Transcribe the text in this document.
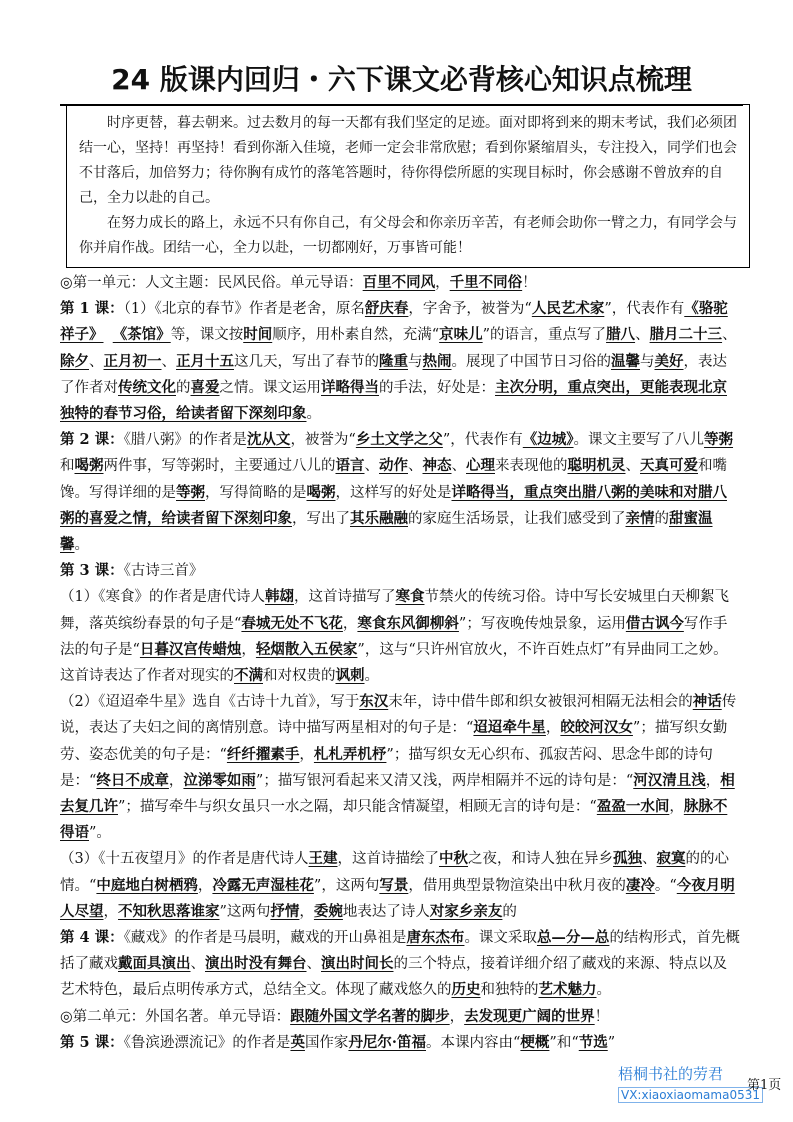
24 版课内回归・六下课文必背核心知识点梳理

时序更替，暮去朝来。过去数月的每一天都有我们坚定的足迹。面对即将到来的期末考试，我们必须团结一心，坚持！再坚持！看到你渐入佳境，老师一定会非常欣慰；看到你紧缩眉头，专注投入，同学们也会不甘落后，加倍努力；待你胸有成竹的落笔答题时，待你得偿所愿的实现目标时，你会感谢不曾放弃的自己，全力以赴的自己。

在努力成长的路上，永远不只有你自己，有父母会和你亲历辛苦，有老师会助你一臂之力，有同学会与你并肩作战。团结一心，全力以赴，一切都刚好，万事皆可能！

◎第一单元：人文主题：民风民俗。单元导语：百里不同风，千里不同俗！

第 1 课：（1）《北京的春节》作者是老舍，原名舒庆春，字舍予，被誉为“人民艺术家”，代表作有《骆驼祥子》 《茶馆》等，课文按时间顺序，用朴素自然，充满“京味儿”的语言，重点写了腊八、腊月二十三、除夕、正月初一、正月十五这几天，写出了春节的隆重与热闹。展现了中国节日习俗的温馨与美好，表达了作者对传统文化的喜爱之情。课文运用详略得当的手法，好处是：主次分明，重点突出，更能表现北京独特的春节习俗，给读者留下深刻印象。

第 2 课：《腊八粥》的作者是沈从文，被誉为“乡土文学之父”，代表作有《边城》。课文主要写了八儿等粥和喝粥两件事，写等粥时，主要通过八儿的语言、动作、神态、心理来表现他的聪明机灵、天真可爱和嘴馋。写得详细的是等粥，写得简略的是喝粥，这样写的好处是详略得当，重点突出腊八粥的美味和对腊八粥的喜爱之情，给读者留下深刻印象，写出了其乐融融的家庭生活场景，让我们感受到了亲情的甜蜜温馨。

第 3 课：《古诗三首》

（1）《寒食》的作者是唐代诗人韩翃，这首诗描写了寒食节禁火的传统习俗。诗中写长安城里白天柳絮飞舞，落英缤纷春景的句子是“春城无处不飞花，寒食东风御柳斜”；写夜晚传烛景象，运用借古讽今写作手法的句子是“日暮汉宫传蜡烛，轻烟散入五侯家”，这与“只许州官放火，不许百姓点灯”有异曲同工之妙。这首诗表达了作者对现实的不满和对权贵的讽刺。

（2）《迢迢牵牛星》选自《古诗十九首》，写于东汉末年，诗中借牛郎和织女被银河相隔无法相会的神话传说，表达了夫妇之间的离情别意。诗中描写两星相对的句子是：“迢迢牵牛星，皎皎河汉女”；描写织女勤劳、姿态优美的句子是：“纤纤擢素手，札札弄机杼”；描写织女无心织布、孤寂苦闷、思念牛郎的诗句是：“终日不成章，泣涕零如雨”；描写银河看起来又清又浅，两岸相隔并不远的诗句是：“河汉清且浅，相去复几许”；描写牵牛与织女虽只一水之隔，却只能含情凝望，相顾无言的诗句是：“盈盈一水间，脉脉不得语”。

（3）《十五夜望月》的作者是唐代诗人王建，这首诗描绘了中秋之夜，和诗人独在异乡孤独、寂寞的的心情。“中庭地白树栖鸦，冷露无声湿桂花”，这两句写景，借用典型景物渲染出中秋月夜的凄冷。“今夜月明人尽望，不知秋思落谁家”这两句抒情，委婉地表达了诗人对家乡亲友的

第 4 课：《藏戏》的作者是马晨明，藏戏的开山鼻祖是唐东杰布。课文采取总—分—总的结构形式，首先概括了藏戏戴面具演出、演出时没有舞台、演出时间长的三个特点，接着详细介绍了藏戏的来源、特点以及艺术特色，最后点明传承方式，总结全文。体现了藏戏悠久的历史和独特的艺术魅力。

◎第二单元：外国名著。单元导语：跟随外国文学名著的脚步，去发现更广阔的世界！

第 5 课：《鲁滨逊漂流记》的作者是英国作家丹尼尔·笛福。本课内容由“梗概”和“节选”

梧桐书社的劳君
VX:xiaoxiaomama0531
第1页
